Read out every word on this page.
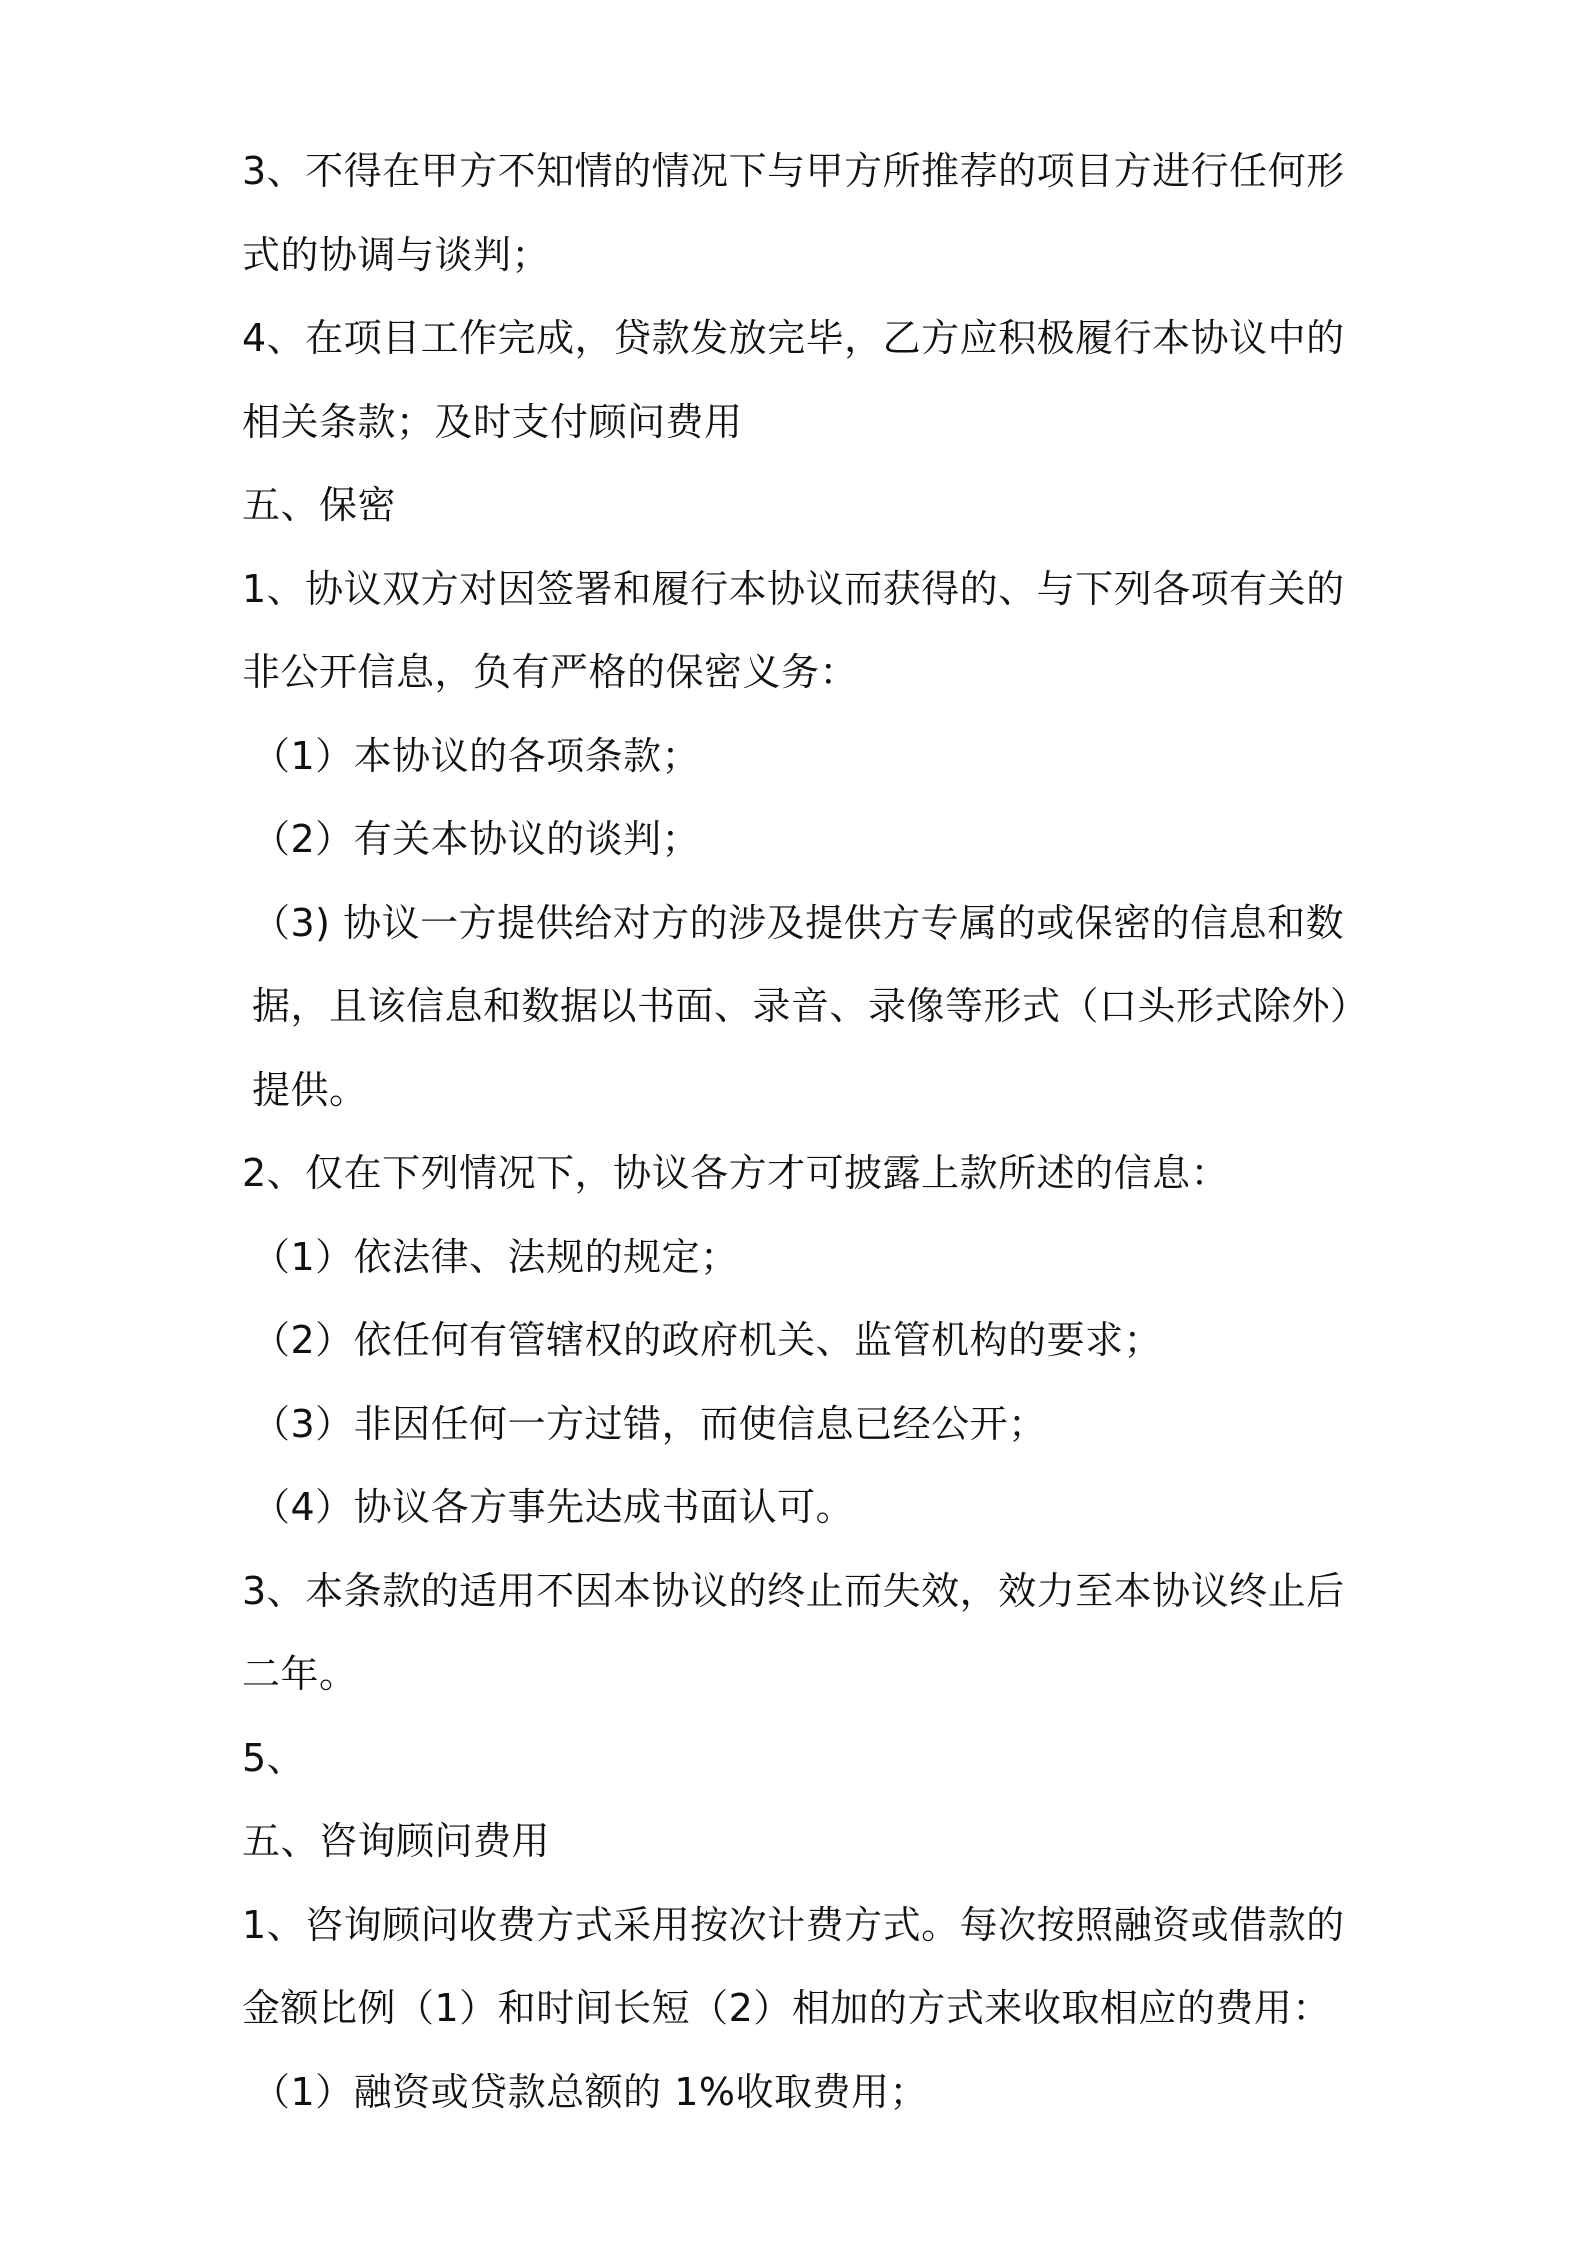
3、不得在甲方不知情的情况下与甲方所推荐的项目方进行任何形式的协调与谈判；

4、在项目工作完成，贷款发放完毕，乙方应积极履行本协议中的相关条款；及时支付顾问费用

五、保密

1、协议双方对因签署和履行本协议而获得的、与下列各项有关的非公开信息，负有严格的保密义务：

（1）本协议的各项条款；

（2）有关本协议的谈判；

（3) 协议一方提供给对方的涉及提供方专属的或保密的信息和数据，且该信息和数据以书面、录音、录像等形式（口头形式除外）提供。

2、仅在下列情况下，协议各方才可披露上款所述的信息：

（1）依法律、法规的规定；

（2）依任何有管辖权的政府机关、监管机构的要求；

（3）非因任何一方过错，而使信息已经公开；

（4）协议各方事先达成书面认可。

3、本条款的适用不因本协议的终止而失效，效力至本协议终止后二年。

5、

五、咨询顾问费用

1、咨询顾问收费方式采用按次计费方式。每次按照融资或借款的金额比例（1）和时间长短（2）相加的方式来收取相应的费用：

（1）融资或贷款总额的 1%收取费用；
